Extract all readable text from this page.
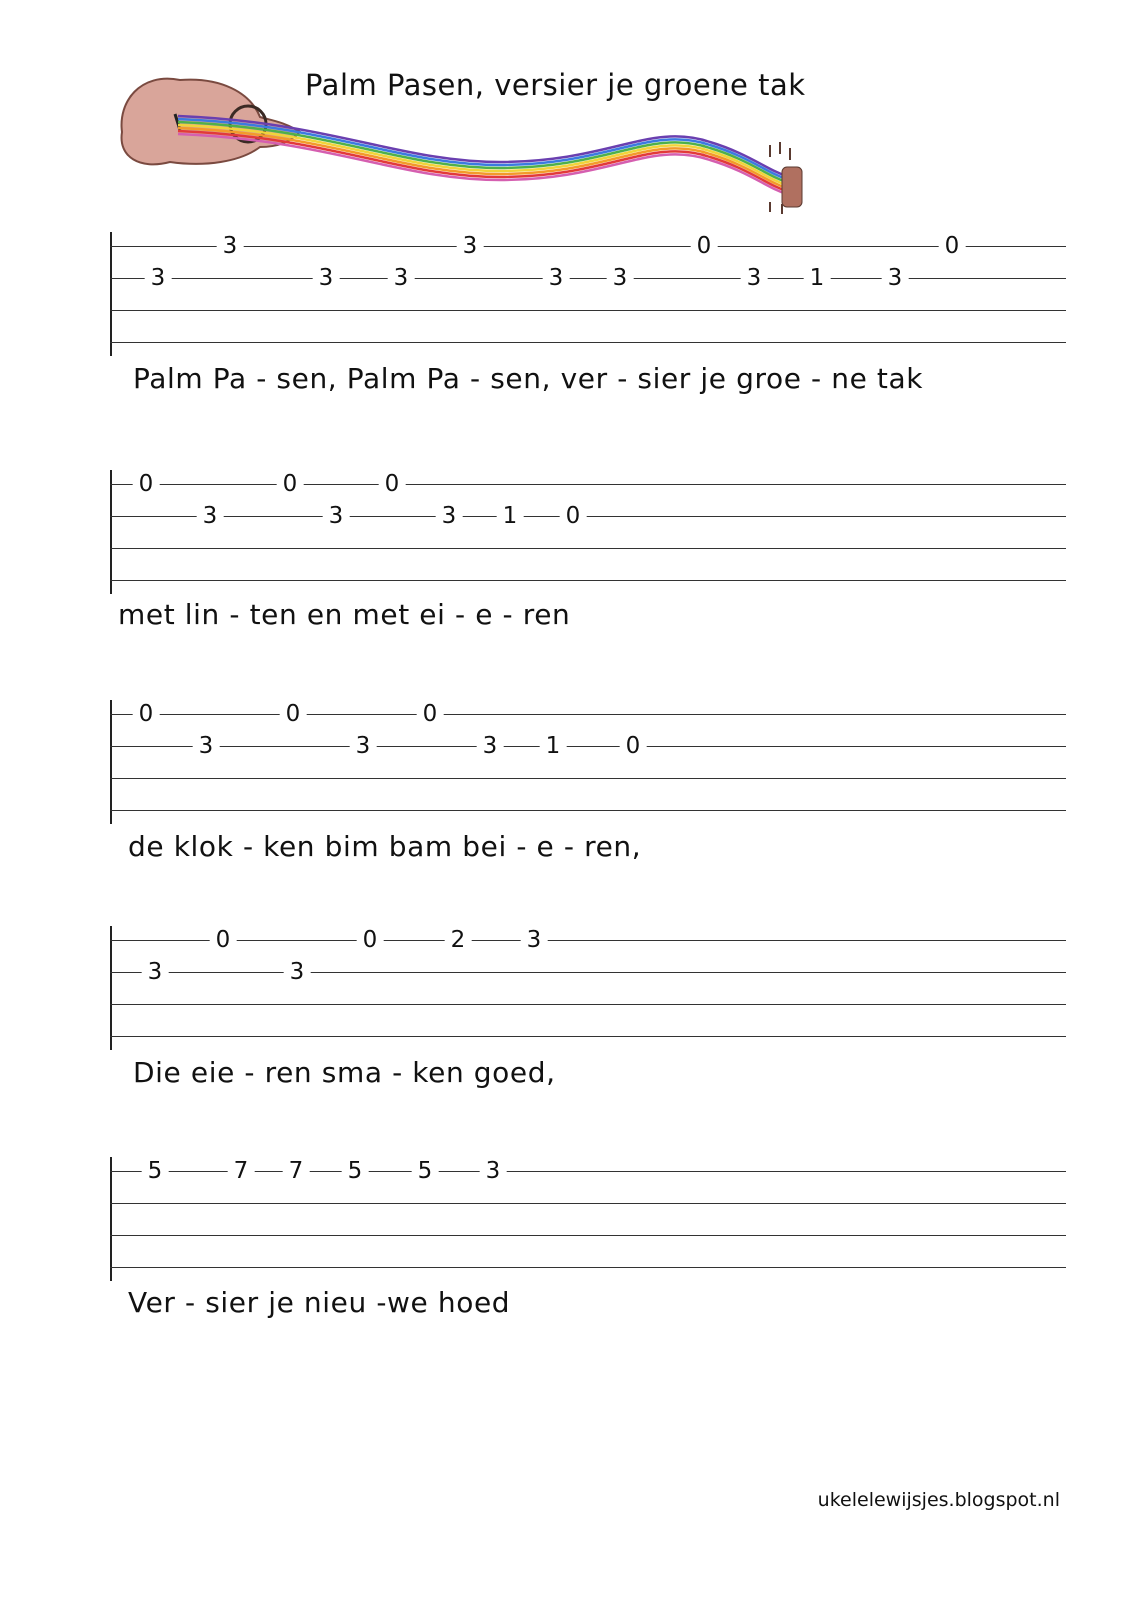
Palm Pasen, versier je groene tak
3
3
3	3
3
3 3
0
3 1	3
0
Palm Pa - sen, Palm Pa - sen, ver - sier je groe - ne tak
0
3
0
3
0
3 1 0
met lin - ten en met ei - e - ren
0
3
0
3
0
3 1	0
de klok - ken bim bam bei - e - ren,
3
0
3
0	2	3
Die eie - ren sma - ken goed,
5	7 7 5 5 3
Ver - sier je nieu -we hoed
ukelelewijsjes.blogspot.nl
